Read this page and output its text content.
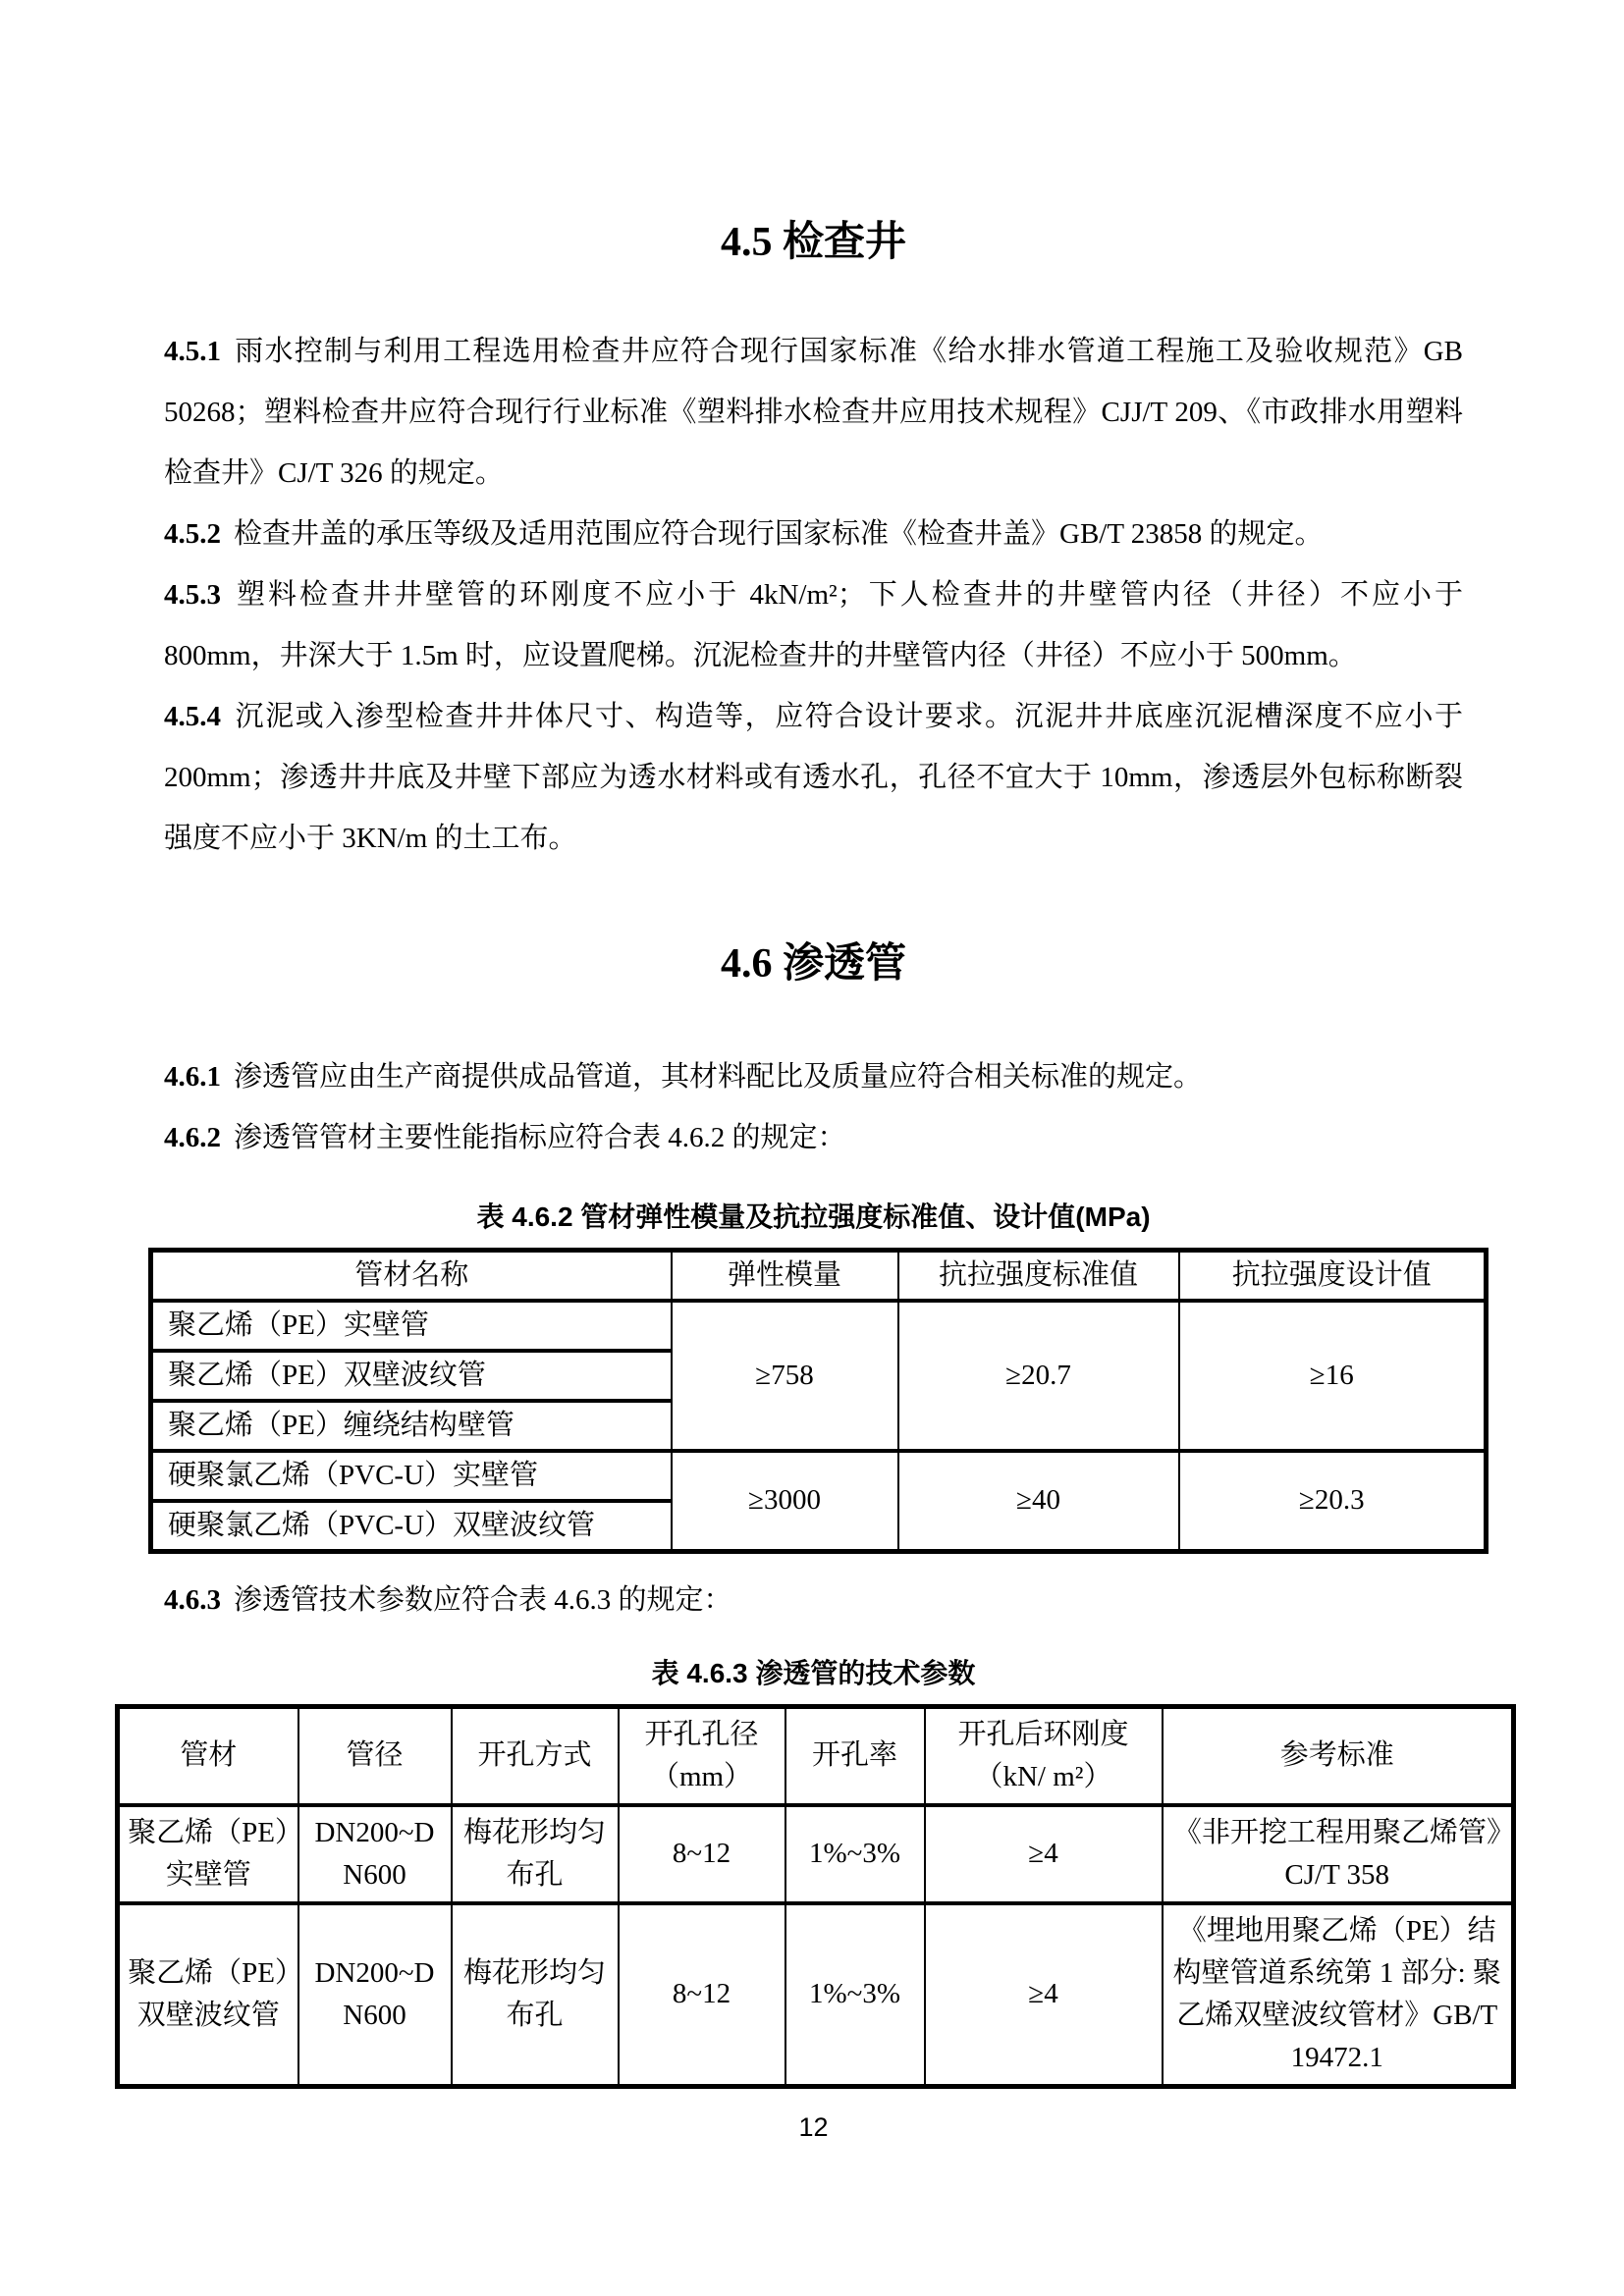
4.5 检查井

4.5.1 雨水控制与利用工程选用检查井应符合现行国家标准《给水排水管道工程施工及验收规范》GB 50268；塑料检查井应符合现行行业标准《塑料排水检查井应用技术规程》CJJ/T 209、《市政排水用塑料检查井》CJ/T 326 的规定。

4.5.2 检查井盖的承压等级及适用范围应符合现行国家标准《检查井盖》GB/T 23858 的规定。

4.5.3 塑料检查井井壁管的环刚度不应小于 4kN/m²；下人检查井的井壁管内径（井径）不应小于 800mm，井深大于 1.5m 时，应设置爬梯。沉泥检查井的井壁管内径（井径）不应小于 500mm。

4.5.4 沉泥或入渗型检查井井体尺寸、构造等，应符合设计要求。沉泥井井底座沉泥槽深度不应小于 200mm；渗透井井底及井壁下部应为透水材料或有透水孔，孔径不宜大于 10mm，渗透层外包标称断裂强度不应小于 3KN/m 的土工布。

4.6 渗透管

4.6.1 渗透管应由生产商提供成品管道，其材料配比及质量应符合相关标准的规定。

4.6.2 渗透管管材主要性能指标应符合表 4.6.2 的规定：

表 4.6.2 管材弹性模量及抗拉强度标准值、设计值(MPa)
管材名称	弹性模量	抗拉强度标准值	抗拉强度设计值
聚乙烯（PE）实壁管	≥758	≥20.7	≥16
聚乙烯（PE）双壁波纹管			
聚乙烯（PE）缠绕结构壁管			
硬聚氯乙烯（PVC-U）实壁管	≥3000	≥40	≥20.3
硬聚氯乙烯（PVC-U）双壁波纹管			

4.6.3 渗透管技术参数应符合表 4.6.3 的规定：

表 4.6.3 渗透管的技术参数
管材	管径	开孔方式	开孔孔径（mm）	开孔率	开孔后环刚度（kN/ m²）	参考标准
聚乙烯（PE）实壁管	DN200~DN600	梅花形均匀布孔	8~12	1%~3%	≥4	《非开挖工程用聚乙烯管》CJ/T 358
聚乙烯（PE）双壁波纹管	DN200~DN600	梅花形均匀布孔	8~12	1%~3%	≥4	《埋地用聚乙烯（PE）结构壁管道系统第 1 部分: 聚乙烯双壁波纹管材》GB/T 19472.1
12
